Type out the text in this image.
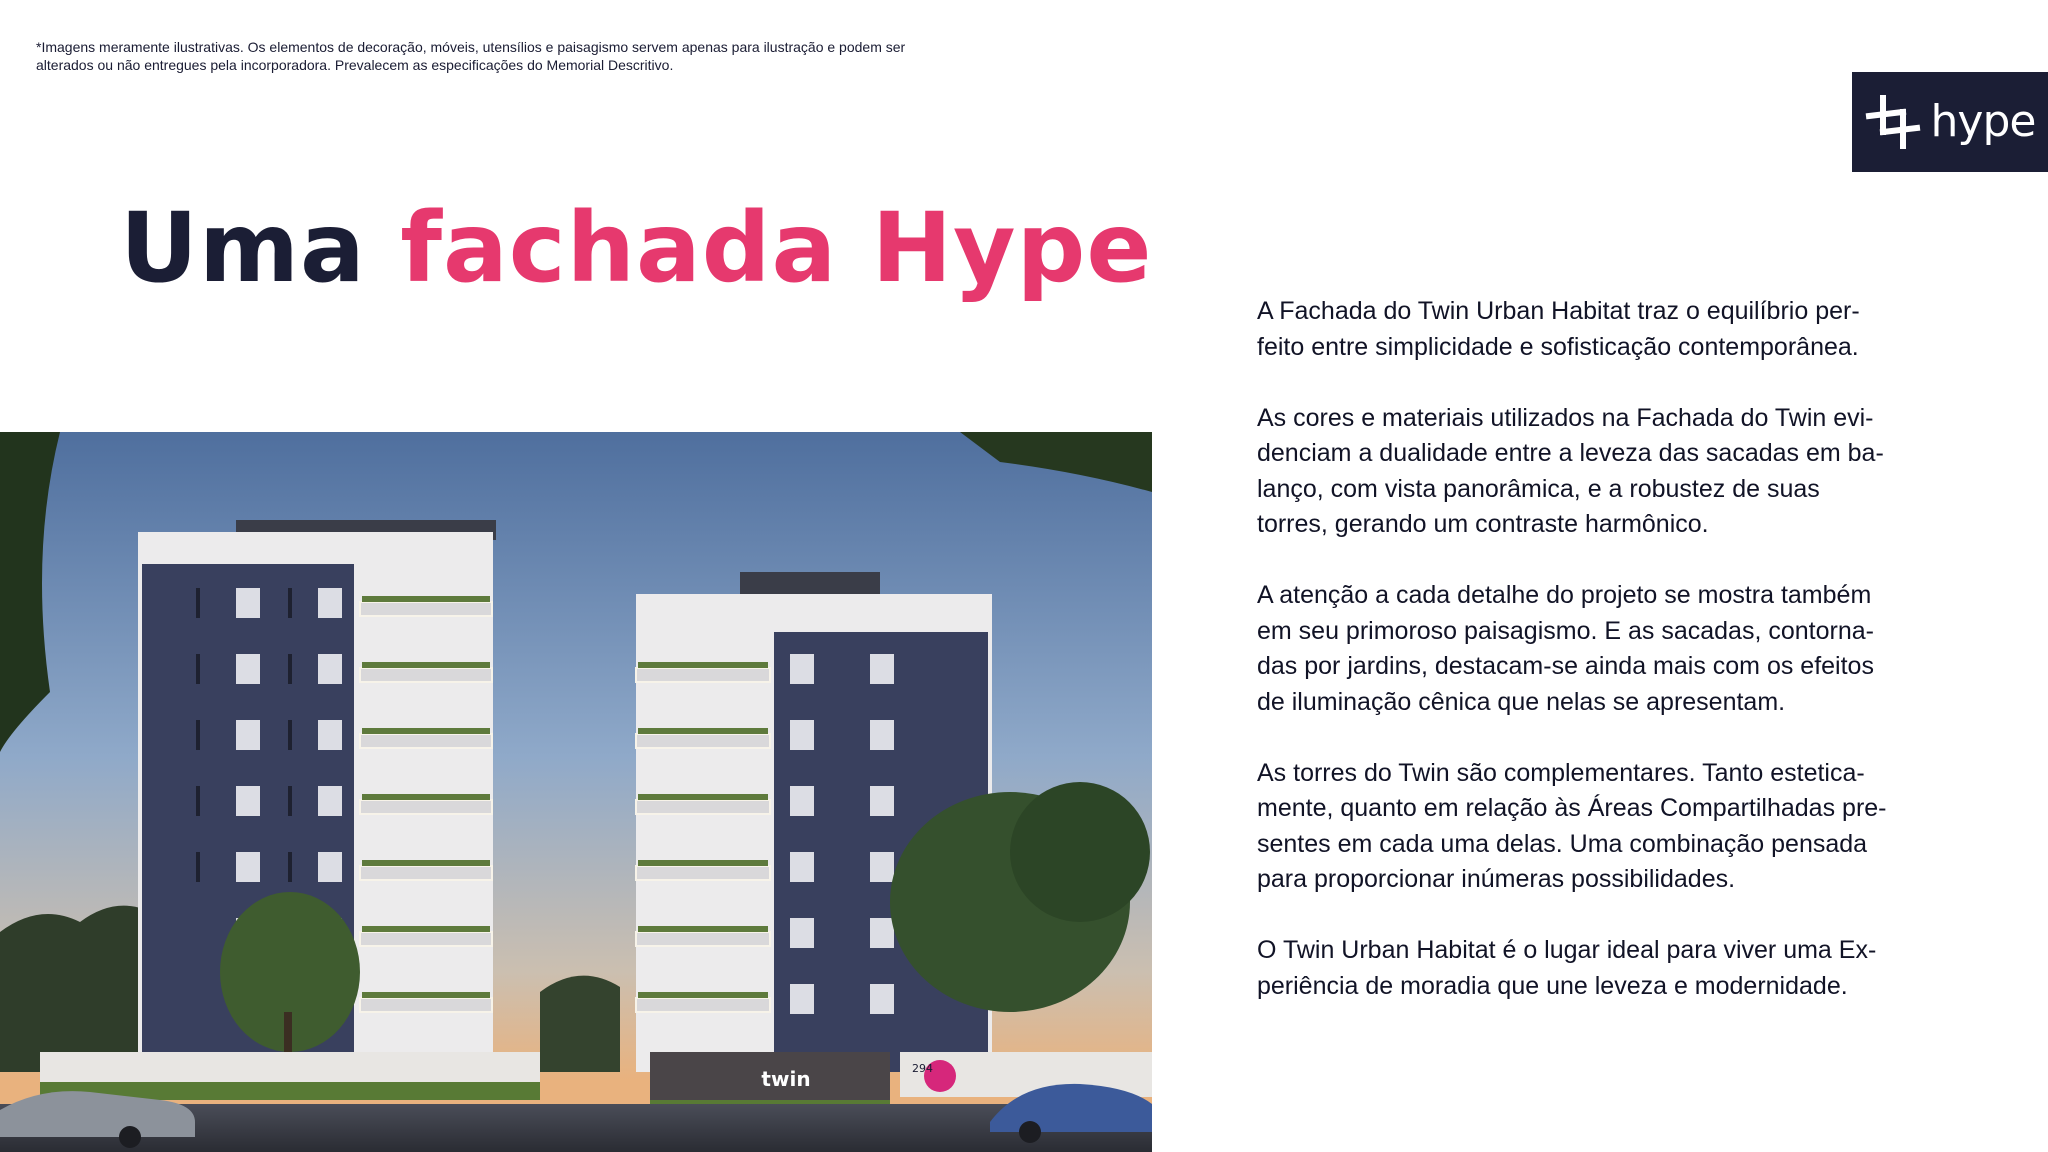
*Imagens meramente ilustrativas. Os elementos de decoração, móveis, utensílios e paisagismo servem apenas para ilustração e podem ser
alterados ou não entregues pela incorporadora. Prevalecem as especificações do Memorial Descritivo.
hype
Uma fachada Hype

A Fachada do Twin Urban Habitat traz o equilíbrio per-
feito entre simplicidade e sofisticação contemporânea.

As cores e materiais utilizados na Fachada do Twin evi-
denciam a dualidade entre a leveza das sacadas em ba-
lanço, com vista panorâmica, e a robustez de suas
torres, gerando um contraste harmônico.

A atenção a cada detalhe do projeto se mostra também
em seu primoroso paisagismo. E as sacadas, contorna-
das por jardins, destacam-se ainda mais com os efeitos
de iluminação cênica que nelas se apresentam.

As torres do Twin são complementares. Tanto estetica-
mente, quanto em relação às Áreas Compartilhadas pre-
sentes em cada uma delas. Uma combinação pensada
para proporcionar inúmeras possibilidades.

O Twin Urban Habitat é o lugar ideal para viver uma Ex-
periência de moradia que une leveza e modernidade.

twin	294
